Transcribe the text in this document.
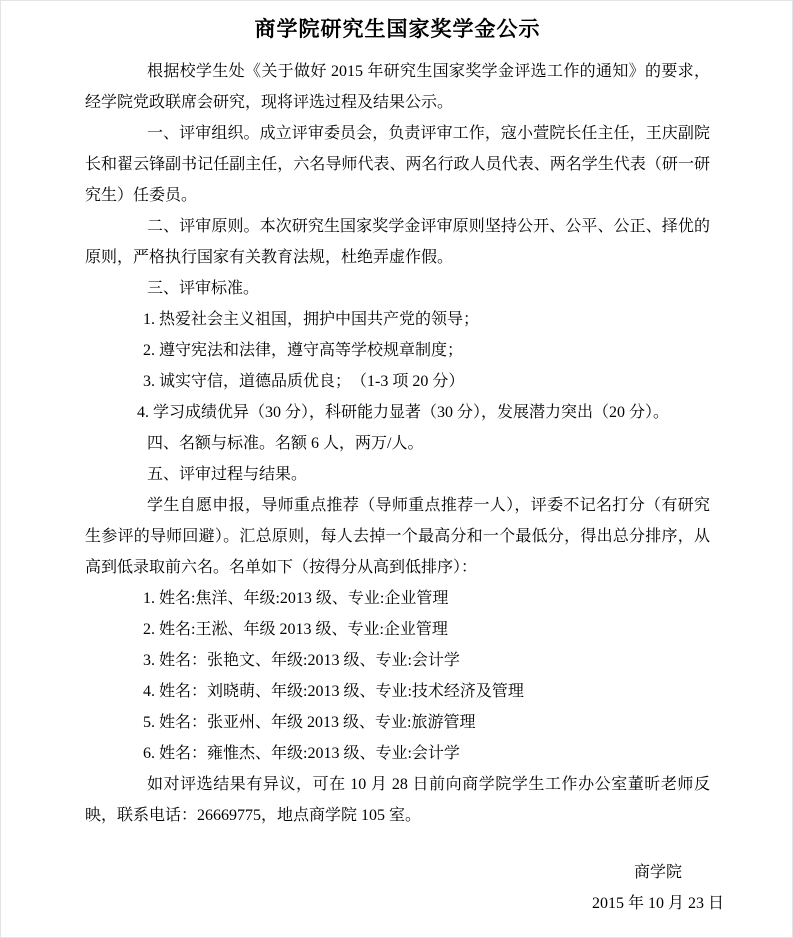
商学院研究生国家奖学金公示

根据校学生处《关于做好 2015 年研究生国家奖学金评选工作的通知》的要求，经学院党政联席会研究，现将评选过程及结果公示。

一、评审组织。成立评审委员会，负责评审工作，寇小萱院长任主任，王庆副院长和翟云锋副书记任副主任，六名导师代表、两名行政人员代表、两名学生代表（研一研究生）任委员。

二、评审原则。本次研究生国家奖学金评审原则坚持公开、公平、公正、择优的原则，严格执行国家有关教育法规，杜绝弄虚作假。

三、评审标准。

1. 热爱社会主义祖国，拥护中国共产党的领导；
2. 遵守宪法和法律，遵守高等学校规章制度；
3. 诚实守信，道德品质优良；　（1-3 项 20 分）
4. 学习成绩优异（30 分），科研能力显著（30 分），发展潜力突出（20 分）。

四、名额与标准。名额 6 人，两万/人。

五、评审过程与结果。

学生自愿申报，导师重点推荐（导师重点推荐一人），评委不记名打分（有研究生参评的导师回避）。汇总原则，每人去掉一个最高分和一个最低分，得出总分排序，从高到低录取前六名。名单如下（按得分从高到低排序）：

1. 姓名:焦洋、年级:2013 级、专业:企业管理
2. 姓名:王淞、年级 2013 级、专业:企业管理
3. 姓名：张艳文、年级:2013 级、专业:会计学
4. 姓名：刘晓萌、年级:2013 级、专业:技术经济及管理
5. 姓名：张亚州、年级 2013 级、专业:旅游管理
6. 姓名：雍惟杰、年级:2013 级、专业:会计学

如对评选结果有异议，可在 10 月 28 日前向商学院学生工作办公室董昕老师反映，联系电话：26669775，地点商学院 105 室。

商学院
2015 年 10 月 23 日
